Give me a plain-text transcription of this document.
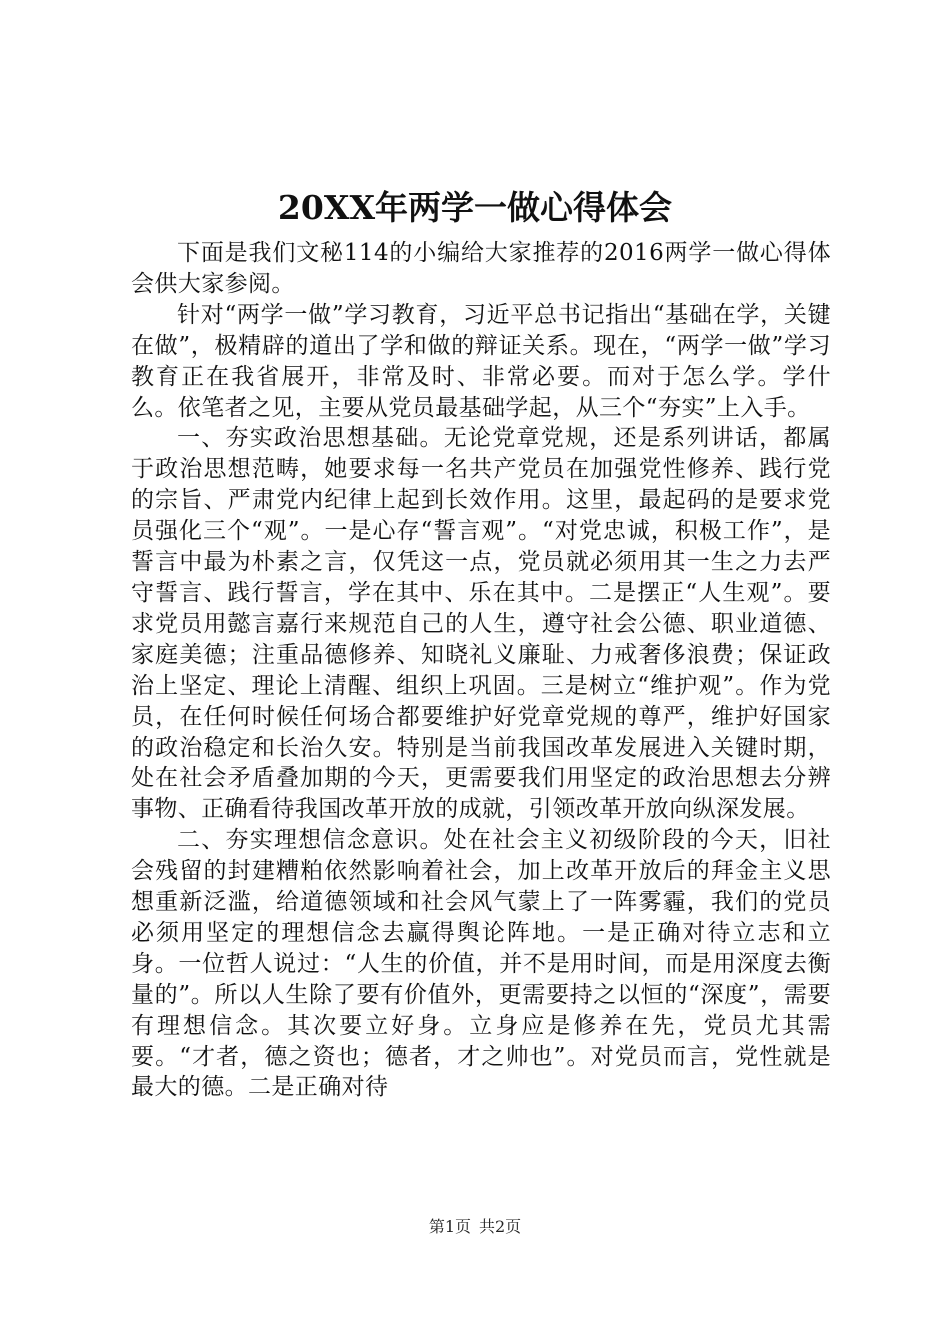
20XX年两学一做心得体会

下面是我们文秘114的小编给大家推荐的2016两学一做心得体会供大家参阅。

针对“两学一做”学习教育，习近平总书记指出“基础在学，关键在做”，极精辟的道出了学和做的辩证关系。现在，“两学一做”学习教育正在我省展开，非常及时、非常必要。而对于怎么学。学什么。依笔者之见，主要从党员最基础学起，从三个“夯实”上入手。

一、夯实政治思想基础。无论党章党规，还是系列讲话，都属于政治思想范畴，她要求每一名共产党员在加强党性修养、践行党的宗旨、严肃党内纪律上起到长效作用。这里，最起码的是要求党员强化三个“观”。一是心存“誓言观”。“对党忠诚，积极工作”，是誓言中最为朴素之言，仅凭这一点，党员就必须用其一生之力去严守誓言、践行誓言，学在其中、乐在其中。二是摆正“人生观”。要求党员用懿言嘉行来规范自己的人生，遵守社会公德、职业道德、家庭美德；注重品德修养、知晓礼义廉耻、力戒奢侈浪费；保证政治上坚定、理论上清醒、组织上巩固。三是树立“维护观”。作为党员，在任何时候任何场合都要维护好党章党规的尊严，维护好国家的政治稳定和长治久安。特别是当前我国改革发展进入关键时期，处在社会矛盾叠加期的今天，更需要我们用坚定的政治思想去分辨事物、正确看待我国改革开放的成就，引领改革开放向纵深发展。

二、夯实理想信念意识。处在社会主义初级阶段的今天，旧社会残留的封建糟粕依然影响着社会，加上改革开放后的拜金主义思想重新泛滥，给道德领域和社会风气蒙上了一阵雾霾，我们的党员必须用坚定的理想信念去赢得舆论阵地。一是正确对待立志和立身。一位哲人说过：“人生的价值，并不是用时间，而是用深度去衡量的”。所以人生除了要有价值外，更需要持之以恒的“深度”，需要有理想信念。其次要立好身。立身应是修养在先，党员尤其需要。“才者，德之资也；德者，才之帅也”。对党员而言，党性就是最大的德。二是正确对待

第1页 共2页
